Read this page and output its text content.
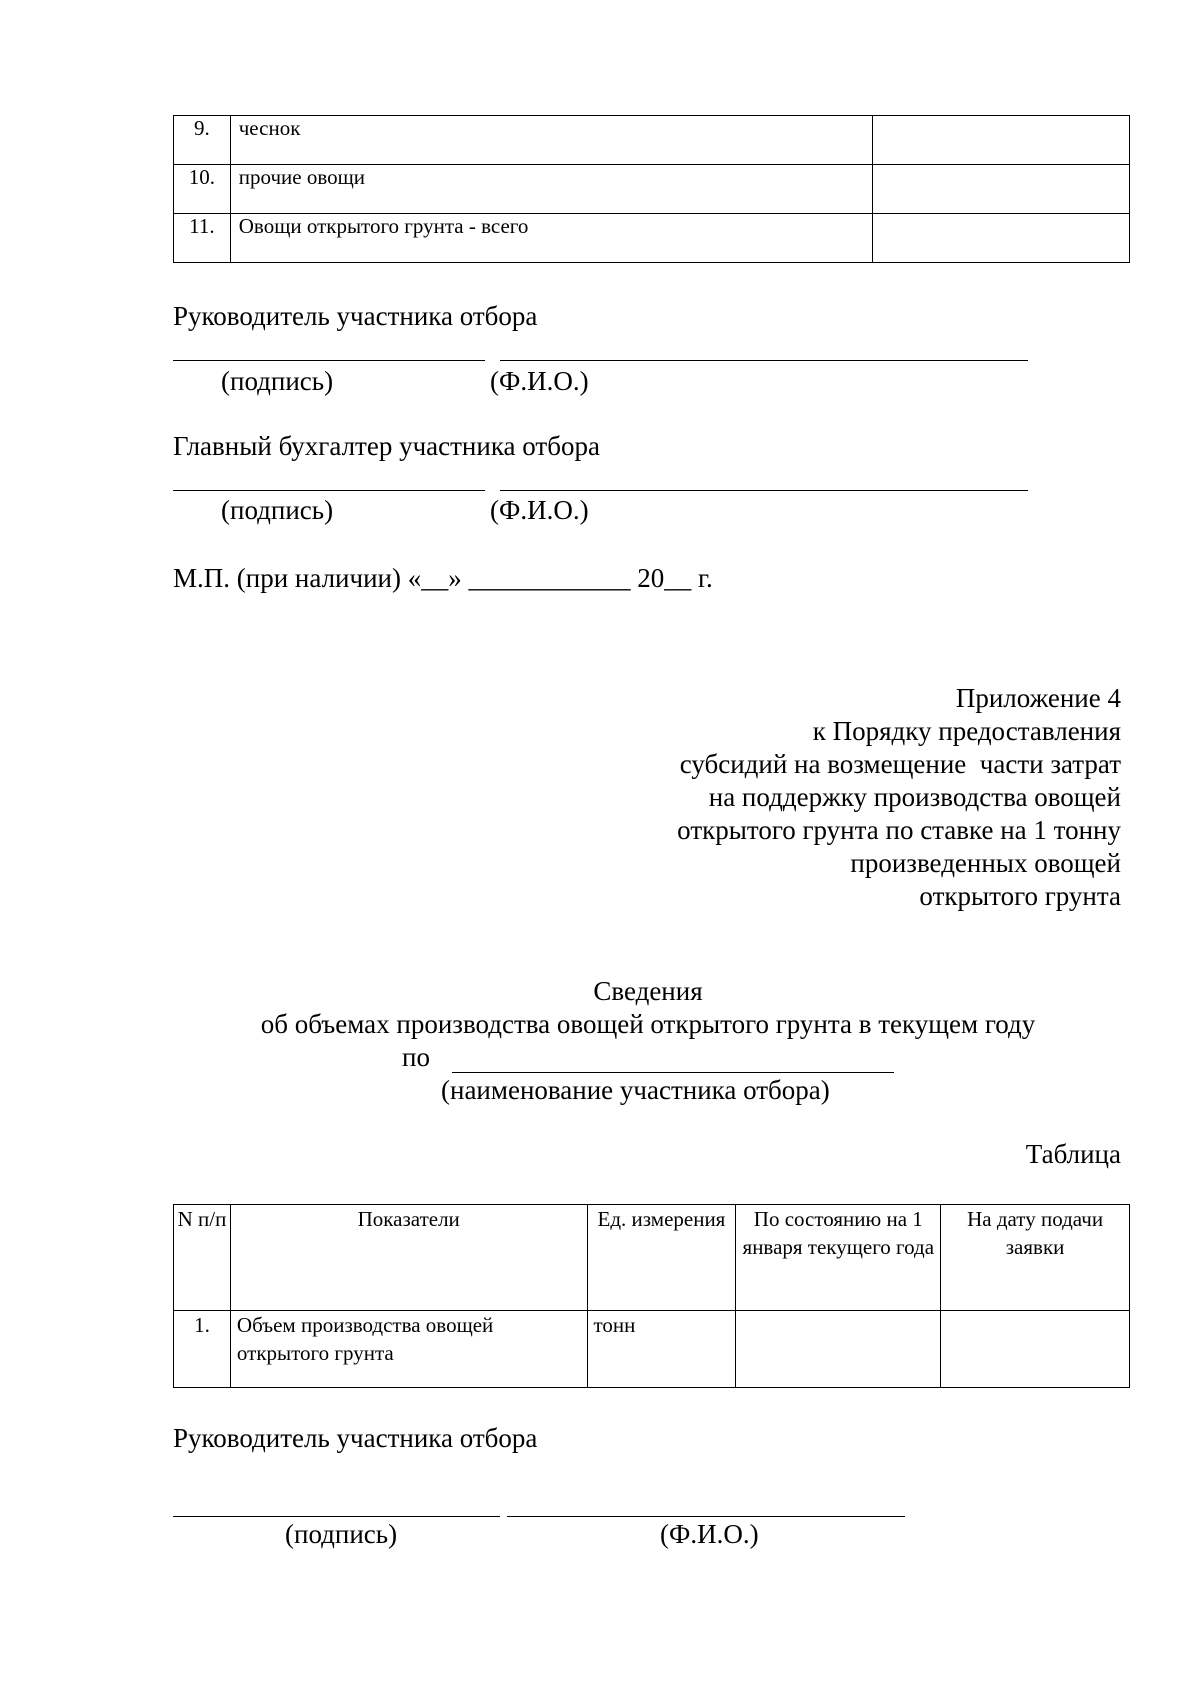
9.	чеснок	
10.	прочие овощи	
11.	Овощи открытого грунта - всего	
Руководитель участника отбора
(подпись)	(Ф.И.О.)
Главный бухгалтер участника отбора
(подпись)	(Ф.И.О.)
М.П. (при наличии) «__» ____________ 20__ г.
Приложение 4
к Порядку предоставления
субсидий на возмещение  части затрат
на поддержку производства овощей
открытого грунта по ставке на 1 тонну
произведенных овощей
открытого грунта
Сведения
об объемах производства овощей открытого грунта в текущем году
по
(наименование участника отбора)
Таблица
N п/п	Показатели	Ед. измерения	По состоянию на 1 января текущего года	На дату подачи заявки
1.	Объем производства овощей открытого грунта	тонн		
Руководитель участника отбора
(подпись)	(Ф.И.О.)
